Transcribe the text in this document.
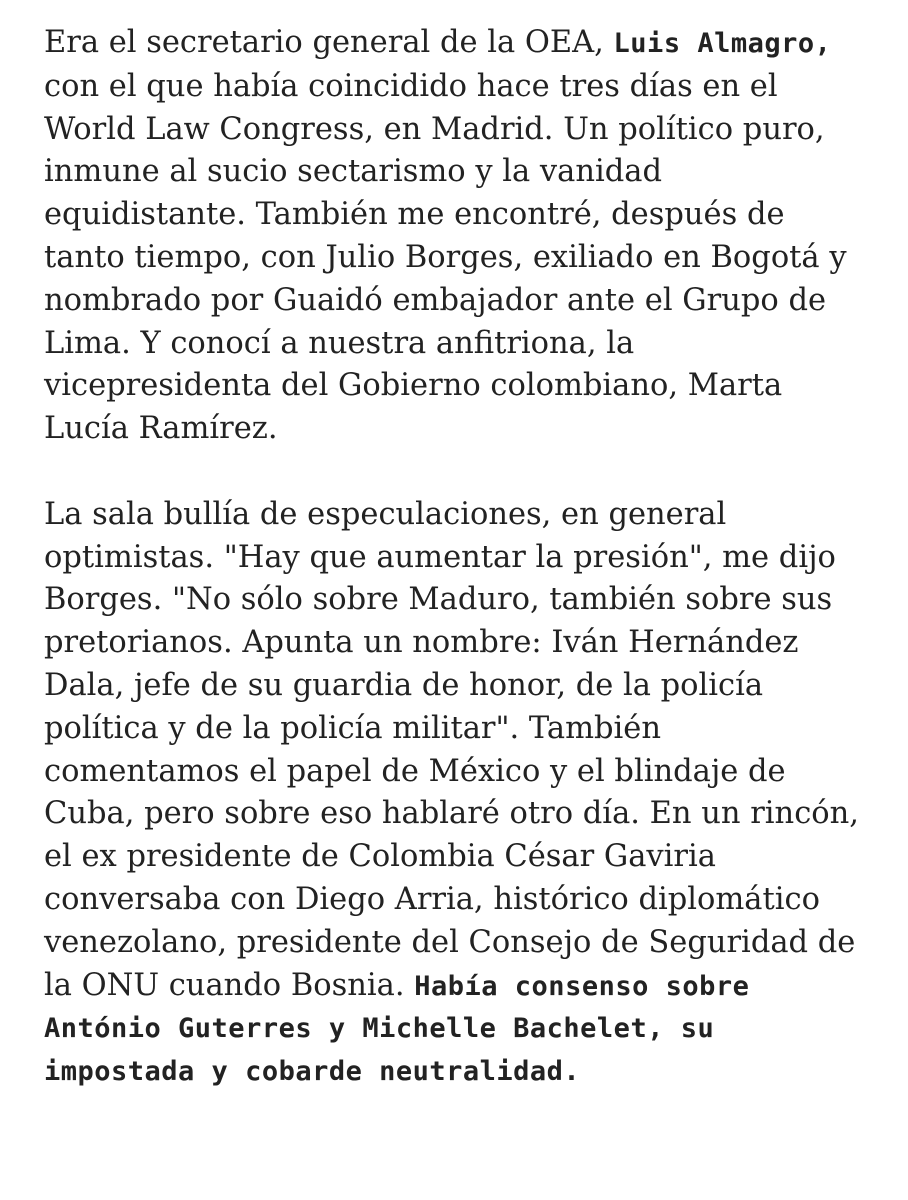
Era el secretario general de la OEA, Luis Almagro,
con el que había coincidido hace tres días en el
World Law Congress, en Madrid. Un político puro,
inmune al sucio sectarismo y la vanidad
equidistante. También me encontré, después de
tanto tiempo, con Julio Borges, exiliado en Bogotá y
nombrado por Guaidó embajador ante el Grupo de
Lima. Y conocí a nuestra anfitriona, la
vicepresidenta del Gobierno colombiano, Marta
Lucía Ramírez.

La sala bullía de especulaciones, en general
optimistas. "Hay que aumentar la presión", me dijo
Borges. "No sólo sobre Maduro, también sobre sus
pretorianos. Apunta un nombre: Iván Hernández
Dala, jefe de su guardia de honor, de la policía
política y de la policía militar". También
comentamos el papel de México y el blindaje de
Cuba, pero sobre eso hablaré otro día. En un rincón,
el ex presidente de Colombia César Gaviria
conversaba con Diego Arria, histórico diplomático
venezolano, presidente del Consejo de Seguridad de
la ONU cuando Bosnia. Había consenso sobre
António Guterres y Michelle Bachelet, su
impostada y cobarde neutralidad.
